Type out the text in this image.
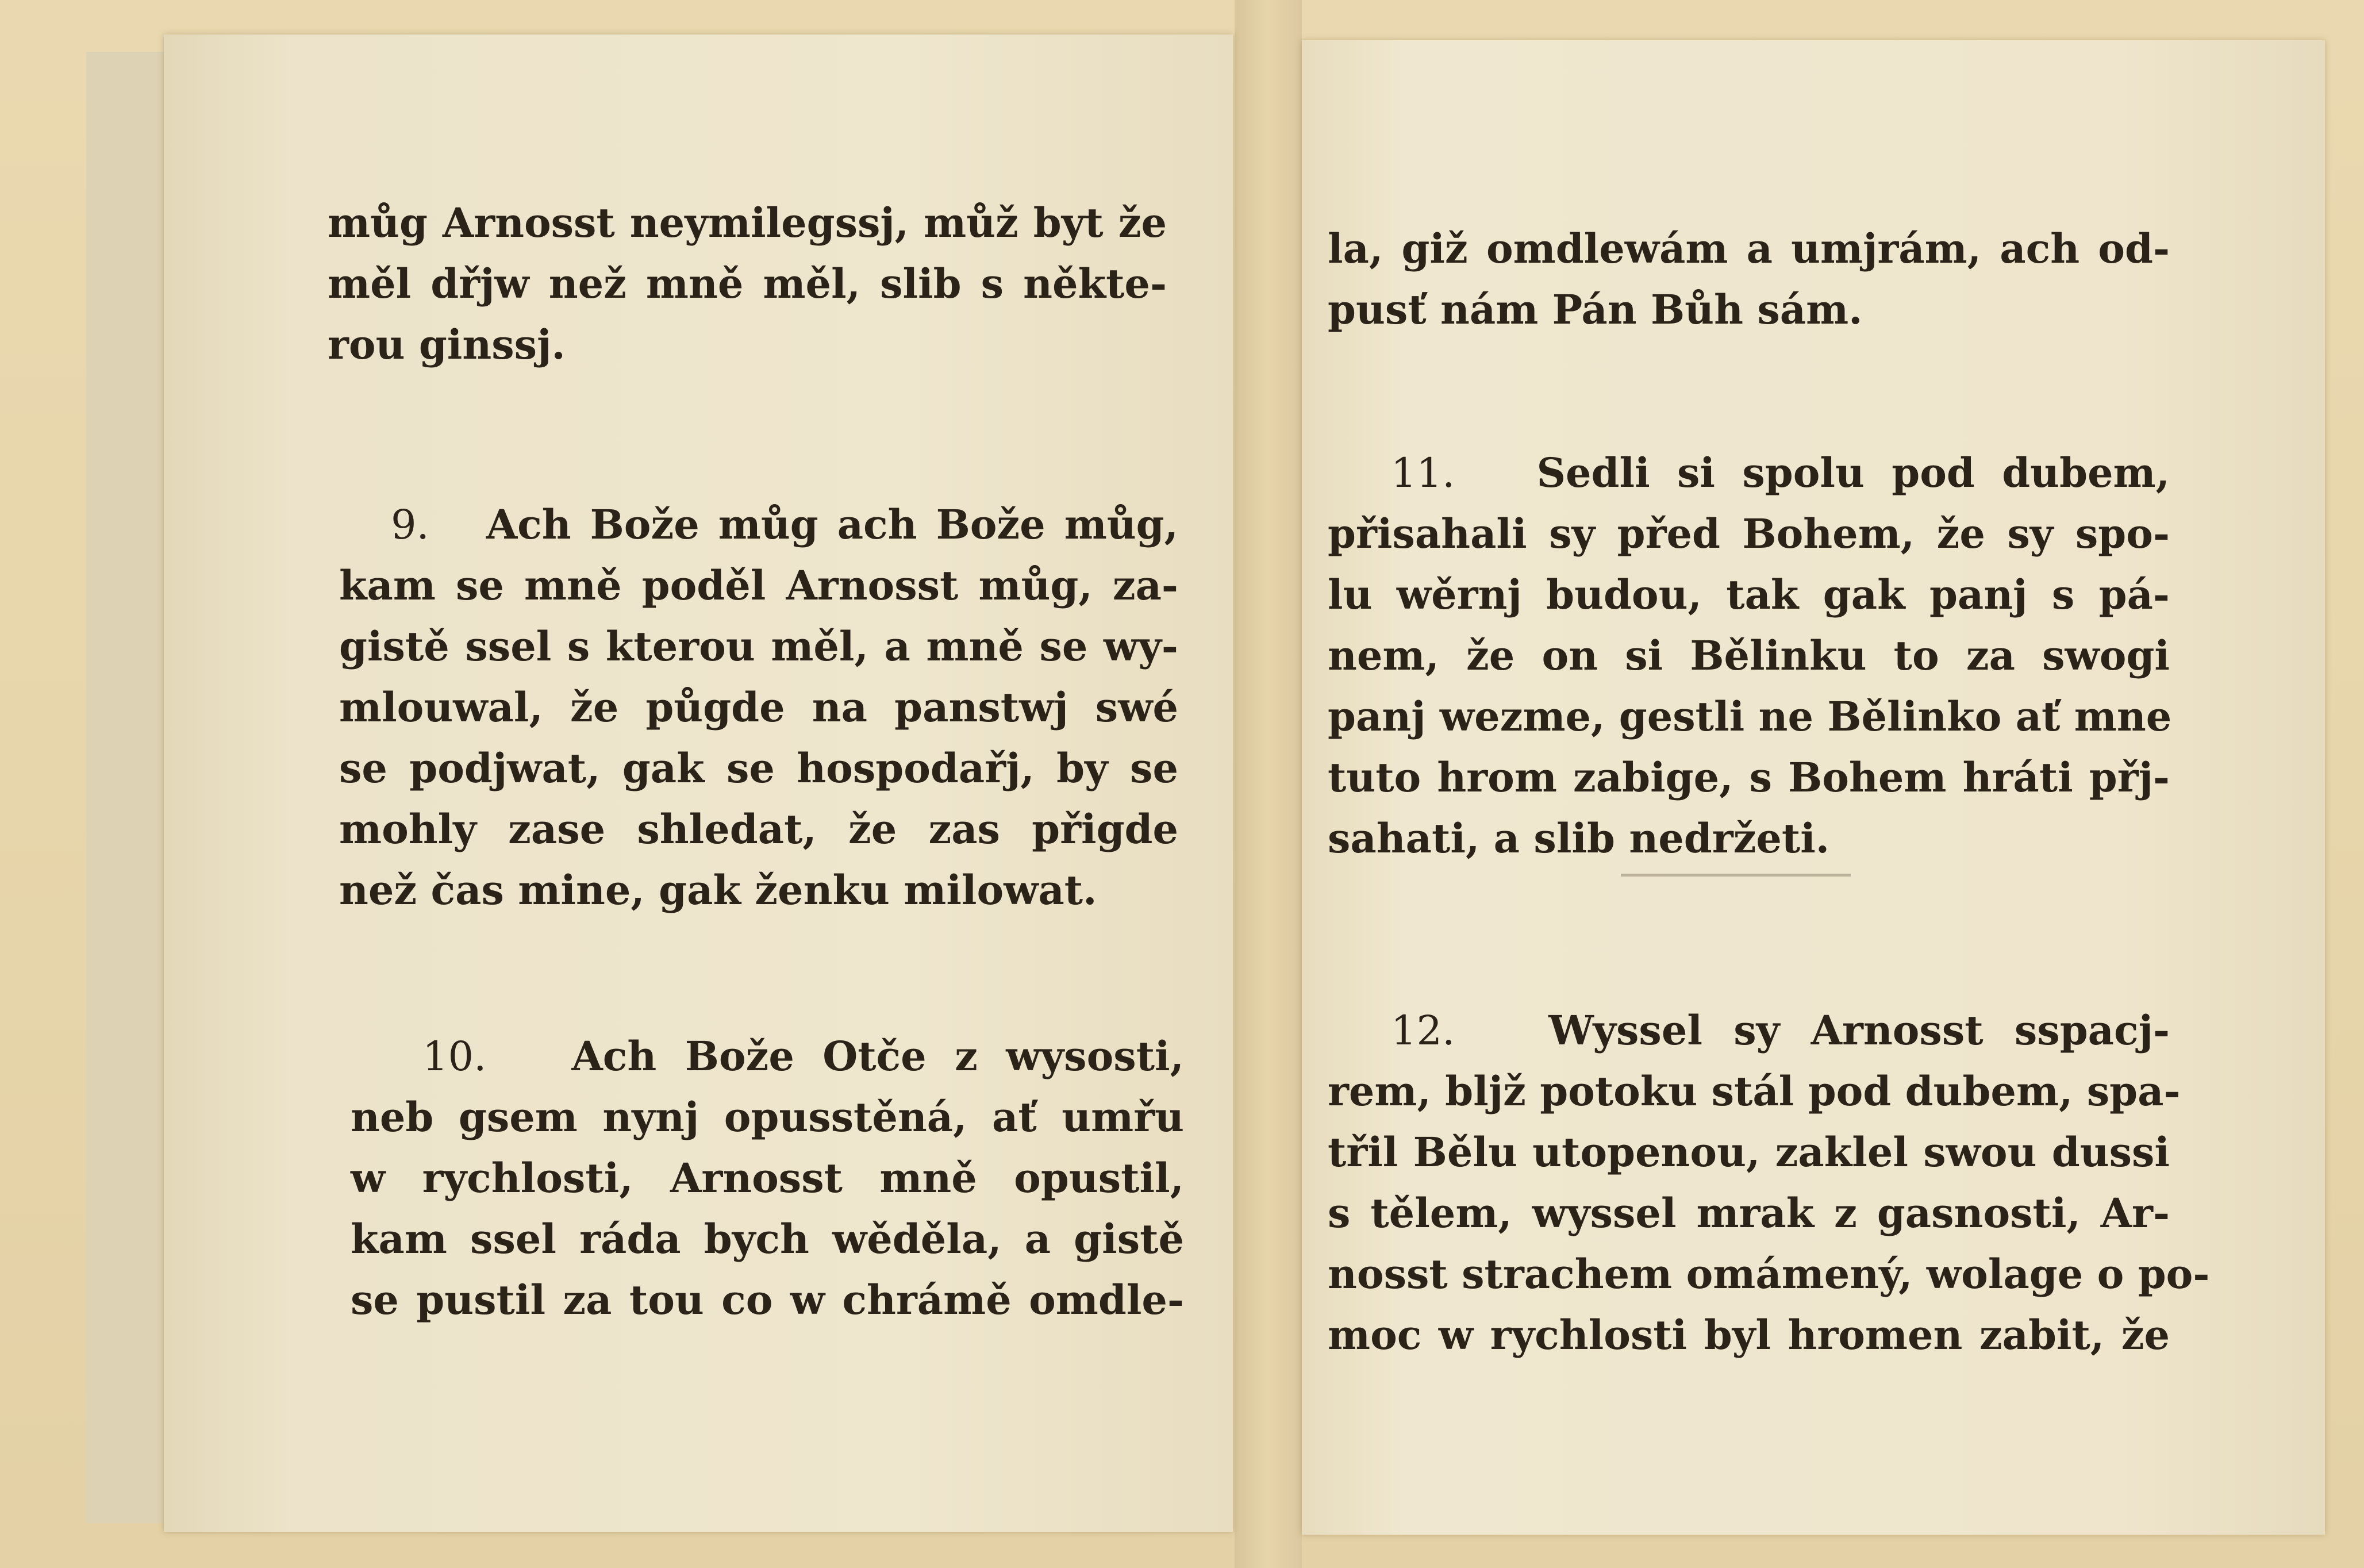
můg Arnosst neymilegssj, můž byt že
měl dřjw než mně měl, slib s někte-
rou ginssj.
9. Ach Bože můg ach Bože můg,
kam se mně poděl Arnosst můg, za-
gistě ssel s kterou měl, a mně se wy-
mlouwal, že půgde na panstwj swé
se podjwat, gak se hospodařj, by se
mohly zase shledat, že zas přigde
než čas mine, gak ženku milowat.
10. Ach Bože Otče z wysosti,
neb gsem nynj opusstěná, ať umřu
w rychlosti, Arnosst mně opustil,
kam ssel ráda bych wěděla, a gistě
se pustil za tou co w chrámě omdle-
la, giž omdlewám a umjrám, ach od-
pusť nám Pán Bůh sám.
11. Sedli si spolu pod dubem,
přisahali sy před Bohem, že sy spo-
lu wěrnj budou, tak gak panj s pá-
nem, že on si Bělinku to za swogi
panj wezme, gestli ne Bělinko ať mne
tuto hrom zabige, s Bohem hráti přj-
sahati, a slib nedržeti.
12. Wyssel sy Arnosst sspacj-
rem, bljž potoku stál pod dubem, spa-
třil Bělu utopenou, zaklel swou dussi
s tělem, wyssel mrak z gasnosti, Ar-
nosst strachem omámený, wolage o po-
moc w rychlosti byl hromen zabit, že
